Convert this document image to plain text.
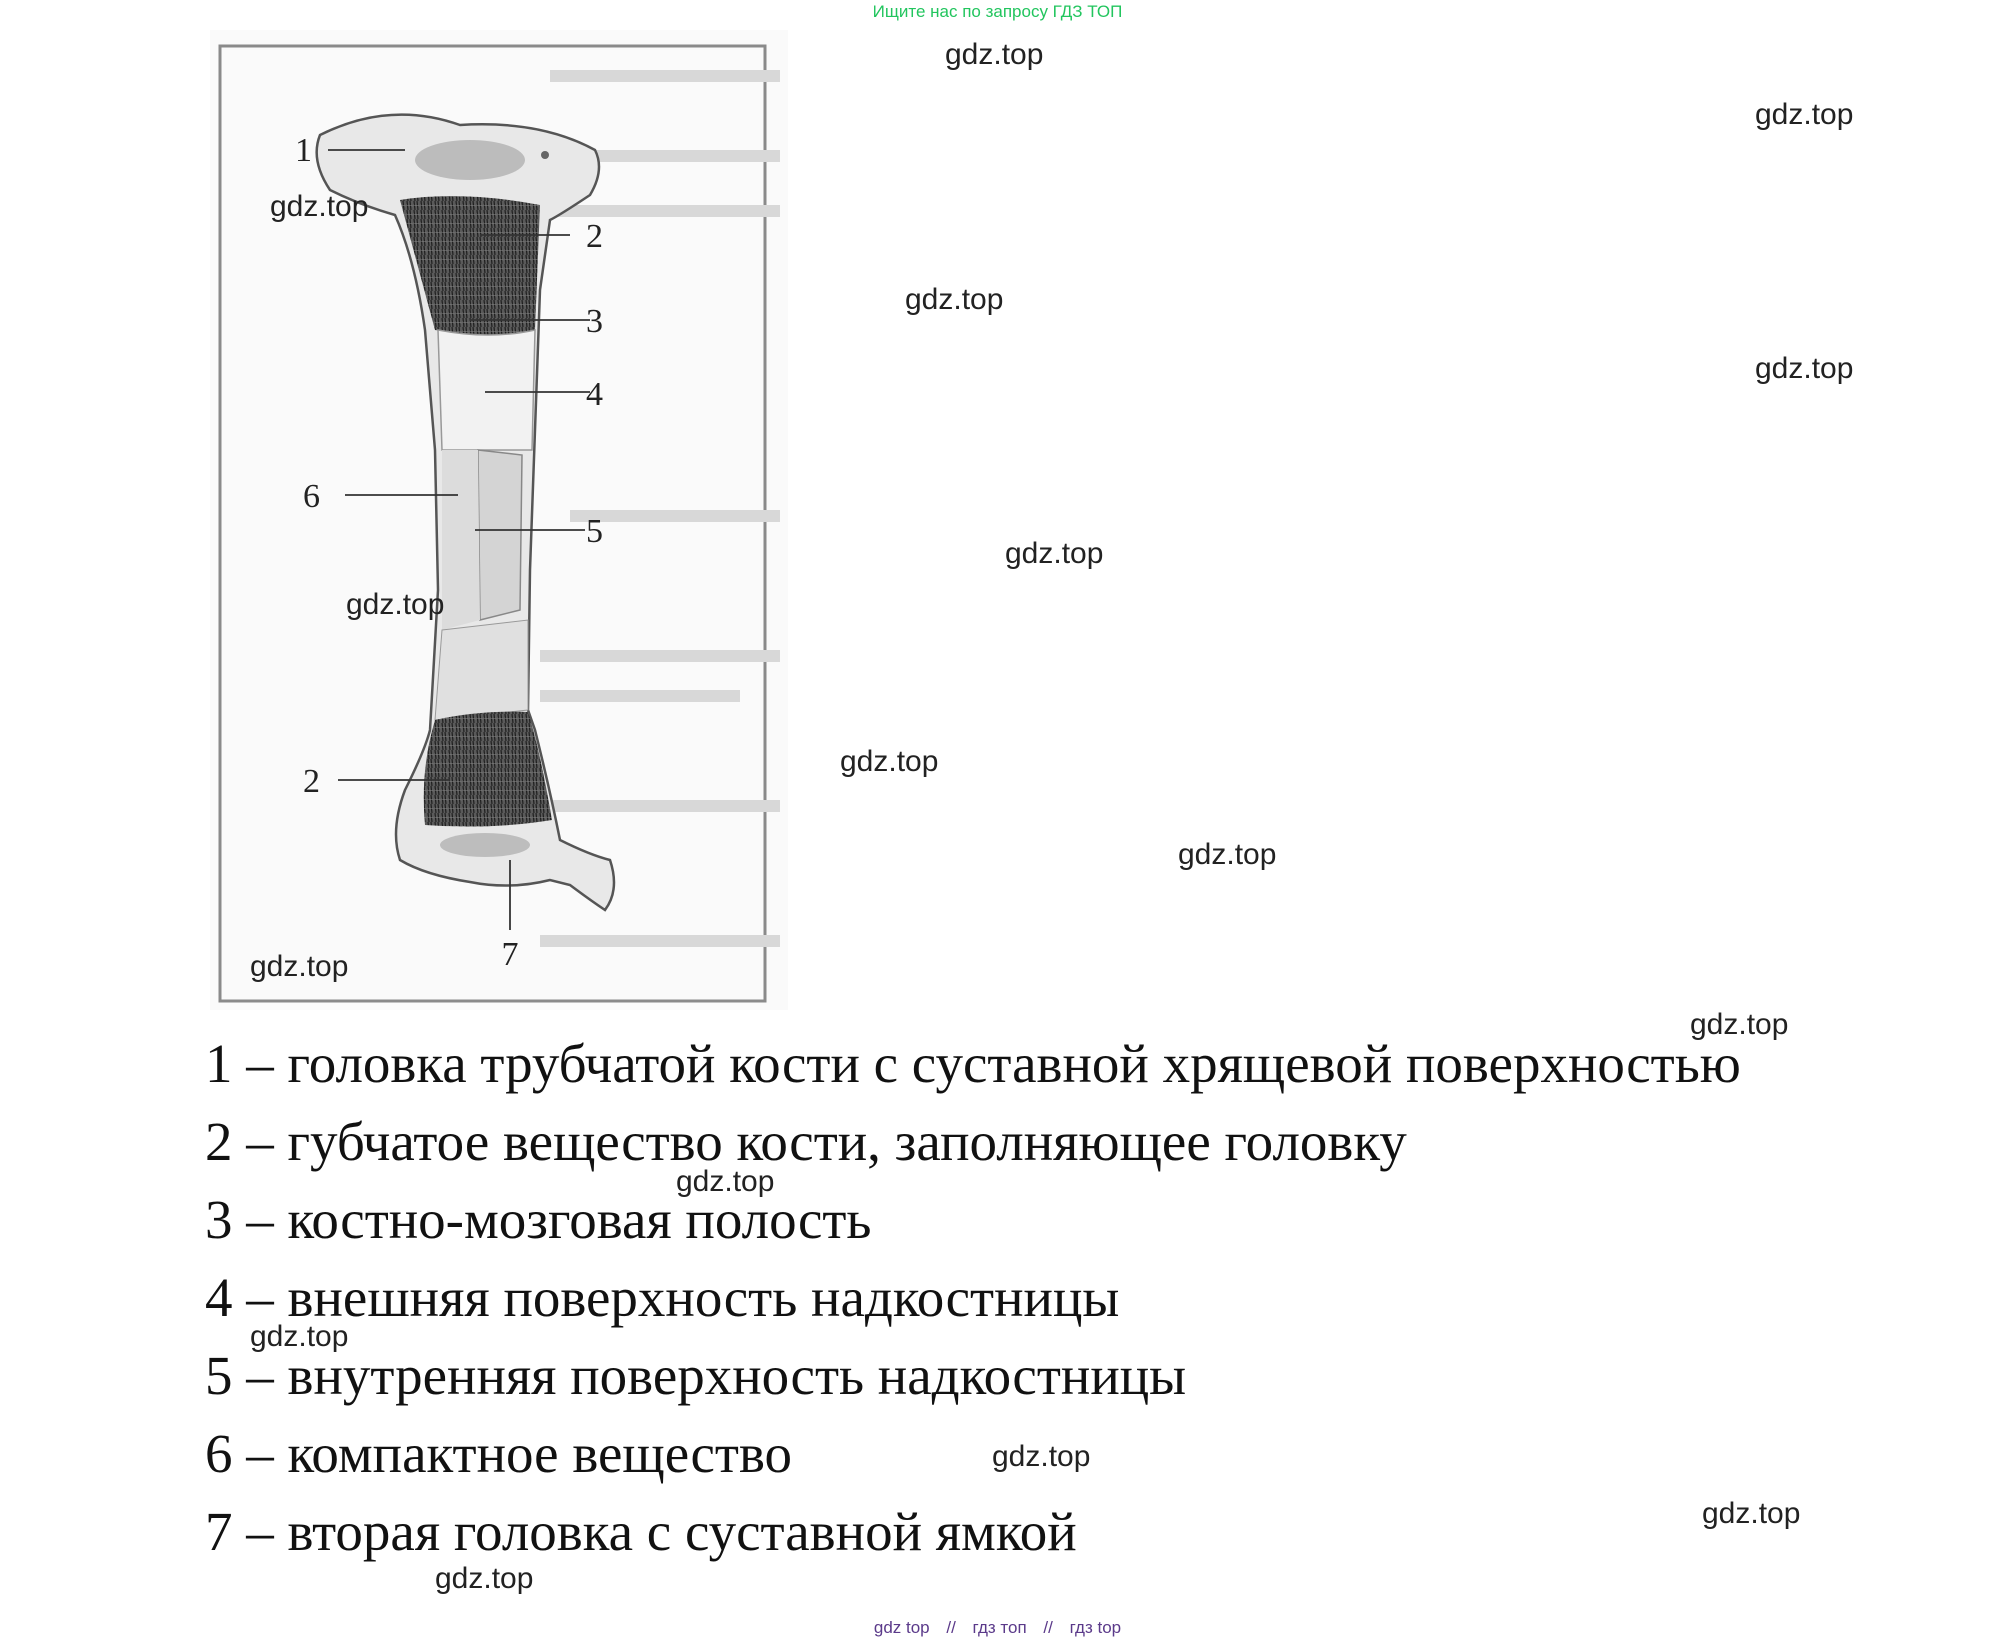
Ищите нас по запросу ГДЗ ТОП
1
2
3
4
5
6
7
2
1 – головка трубчатой кости с суставной хрящевой поверхностью
2 – губчатое вещество кости, заполняющее головку
3 – костно-мозговая полость
4 – внешняя поверхность надкостницы
5 – внутренняя поверхность надкостницы
6 – компактное вещество
7 – вторая головка с суставной ямкой
gdz.top
gdz.top
gdz.top
gdz.top
gdz.top
gdz.top
gdz.top
gdz.top
gdz.top
gdz.top
gdz.top
gdz.top
gdz.top
gdz.top
gdz.top
gdz.top
gdz top // гдз топ // гдз top
